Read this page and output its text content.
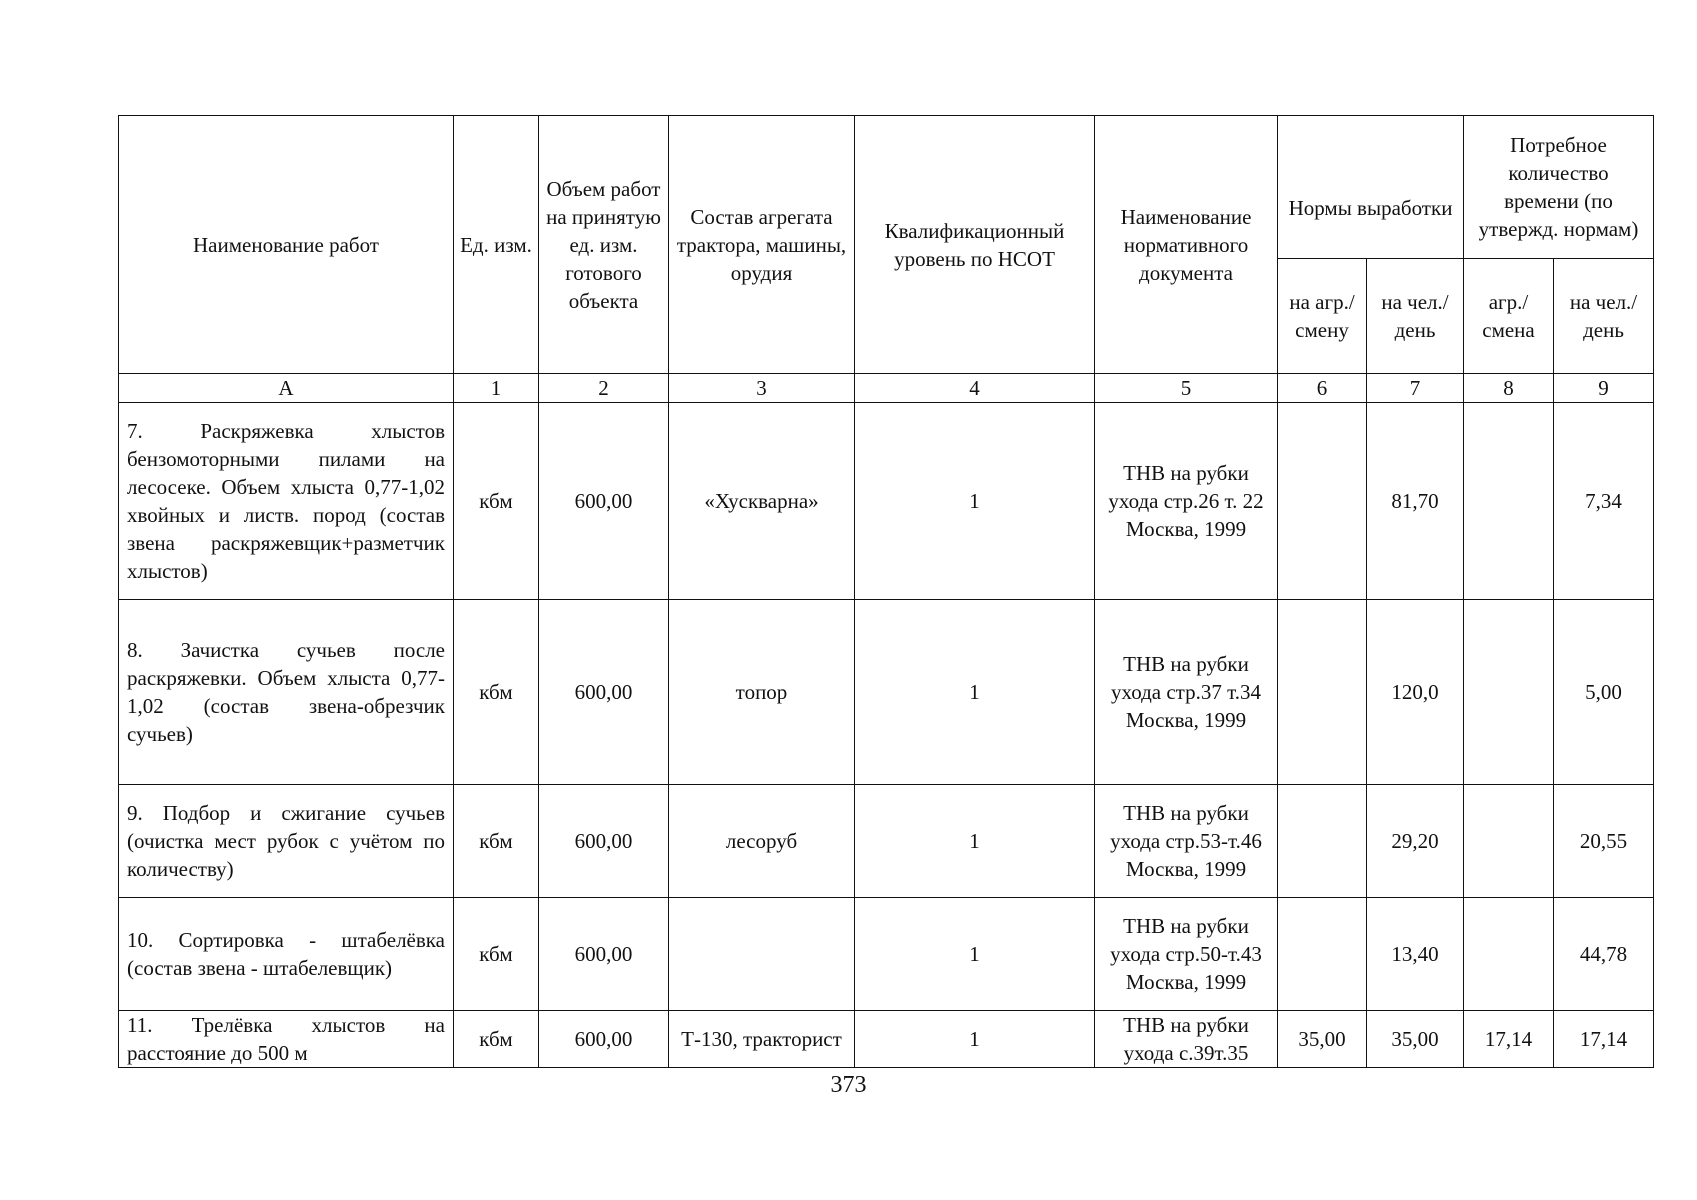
Наименование работ	Ед. изм.	Объем работ на принятую ед. изм. готового объекта	Состав агрегата трактора, машины, орудия	Квалификационный уровень по НСОТ	Наименование нормативного документа	Нормы выработки		Потребное количество времени (по утвержд. нормам)	
						на агр./ смену	на чел./ день	агр./ смена	на чел./ день
А	1	2	3	4	5	6	7	8	9
7. Раскряжевка хлыстов бензомоторными пилами на лесосеке. Объем хлыста 0,77-1,02 хвойных и листв. пород (состав звена раскряжевщик+разметчик хлыстов)	кбм	600,00	«Хускварна»	1	ТНВ на рубки ухода стр.26 т. 22 Москва, 1999		81,70		7,34
8. Зачистка сучьев после раскряжевки. Объем хлыста 0,77-1,02 (состав звена-обрезчик сучьев)	кбм	600,00	топор	1	ТНВ на рубки ухода стр.37 т.34 Москва, 1999		120,0		5,00
9. Подбор и сжигание сучьев (очистка мест рубок с учётом по количеству)	кбм	600,00	лесоруб	1	ТНВ на рубки ухода стр.53-т.46 Москва, 1999		29,20		20,55
10. Сортировка - штабелёвка (состав звена - штабелевщик)	кбм	600,00		1	ТНВ на рубки ухода стр.50-т.43 Москва, 1999		13,40		44,78
11. Трелёвка хлыстов на расстояние до 500 м	кбм	600,00	Т-130, тракторист	1	ТНВ на рубки ухода с.39т.35	35,00	35,00	17,14	17,14
373
